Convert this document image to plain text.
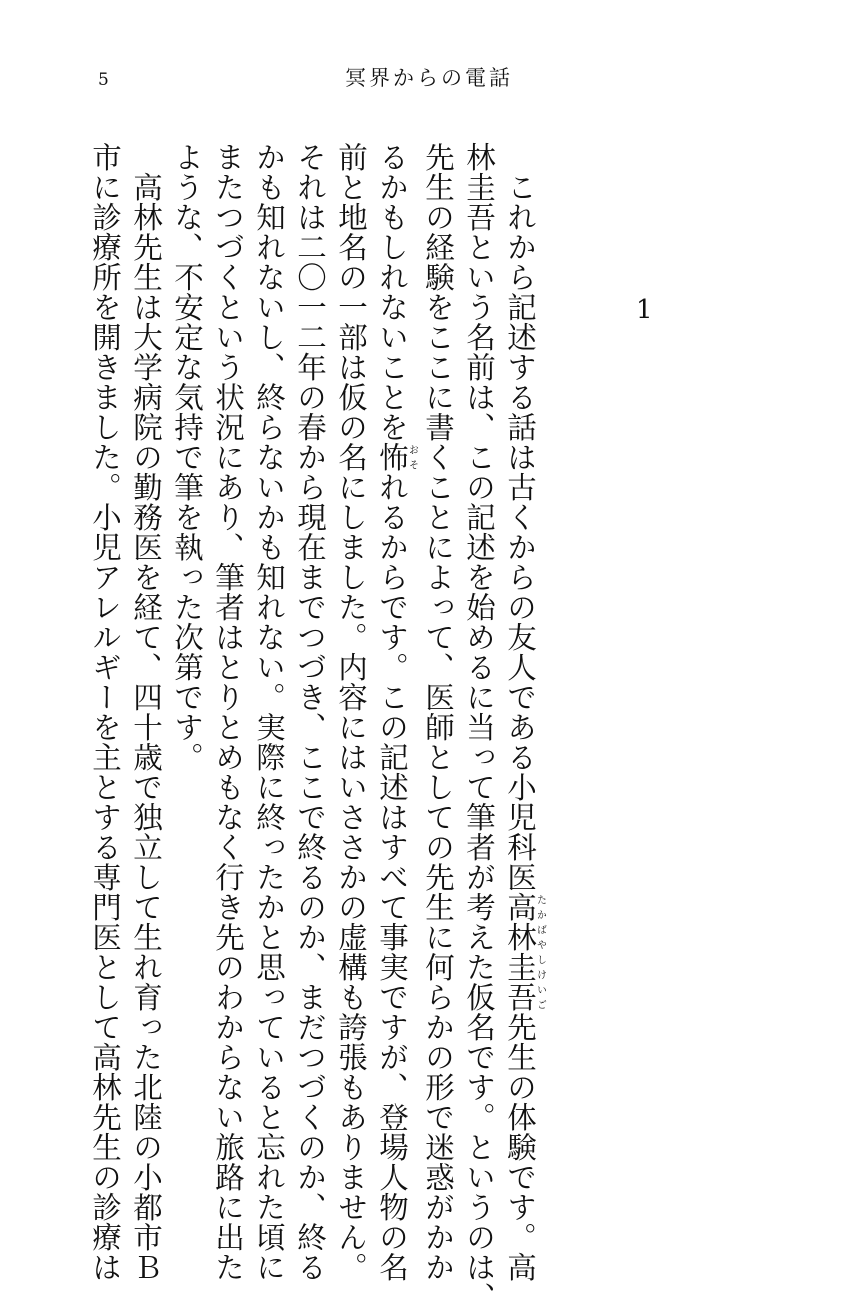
5	冥界からの電話
1
　これから記述する話は古くからの友人である小児科医高林圭吾たかばやしけいご先生の体験です。高
林圭吾という名前は、この記述を始めるに当って筆者が考えた仮名です。というのは、
先生の経験をここに書くことによって、医師としての先生に何らかの形で迷惑がかか
るかもしれないことを怖おそれるからです。この記述はすべて事実ですが、登場人物の名
前と地名の一部は仮の名にしました。内容にはいささかの虚構も誇張もありません。
それは二〇一二年の春から現在までつづき、ここで終るのか、まだつづくのか、終る
かも知れないし、終らないかも知れない。実際に終ったかと思っていると忘れた頃に
またつづくという状況にあり、筆者はとりとめもなく行き先のわからない旅路に出た
ような、不安定な気持で筆を執った次第です。
　高林先生は大学病院の勤務医を経て、四十歳で独立して生れ育った北陸の小都市Ｂ
市に診療所を開きました。小児アレルギーを主とする専門医として高林先生の診療は
